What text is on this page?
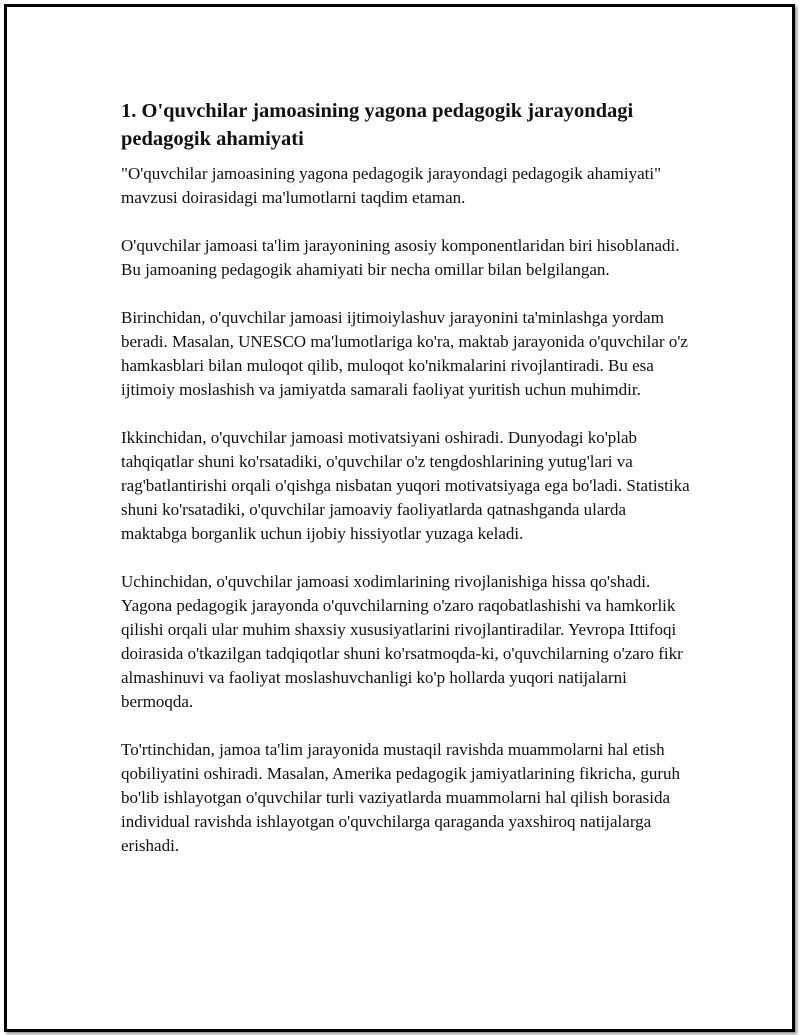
1. O'quvchilar jamoasining yagona pedagogik jarayondagi pedagogik ahamiyati

"O'quvchilar jamoasining yagona pedagogik jarayondagi pedagogik ahamiyati" mavzusi doirasidagi ma'lumotlarni taqdim etaman.

O'quvchilar jamoasi ta'lim jarayonining asosiy komponentlaridan biri hisoblanadi. Bu jamoaning pedagogik ahamiyati bir necha omillar bilan belgilangan.

Birinchidan, o'quvchilar jamoasi ijtimoiylashuv jarayonini ta'minlashga yordam beradi. Masalan, UNESCO ma'lumotlariga ko'ra, maktab jarayonida o'quvchilar o'z hamkasblari bilan muloqot qilib, muloqot ko'nikmalarini rivojlantiradi. Bu esa ijtimoiy moslashish va jamiyatda samarali faoliyat yuritish uchun muhimdir.

Ikkinchidan, o'quvchilar jamoasi motivatsiyani oshiradi. Dunyodagi ko'plab tahqiqatlar shuni ko'rsatadiki, o'quvchilar o'z tengdoshlarining yutug'lari va rag'batlantirishi orqali o'qishga nisbatan yuqori motivatsiyaga ega bo'ladi. Statistika shuni ko'rsatadiki, o'quvchilar jamoaviy faoliyatlarda qatnashganda ularda maktabga borganlik uchun ijobiy hissiyotlar yuzaga keladi.

Uchinchidan, o'quvchilar jamoasi xodimlarining rivojlanishiga hissa qo'shadi. Yagona pedagogik jarayonda o'quvchilarning o'zaro raqobatlashishi va hamkorlik qilishi orqali ular muhim shaxsiy xususiyatlarini rivojlantiradilar. Yevropa Ittifoqi doirasida o'tkazilgan tadqiqotlar shuni ko'rsatmoqda-ki, o'quvchilarning o'zaro fikr almashinuvi va faoliyat moslashuvchanligi ko'p hollarda yuqori natijalarni bermoqda.

To'rtinchidan, jamoa ta'lim jarayonida mustaqil ravishda muammolarni hal etish qobiliyatini oshiradi. Masalan, Amerika pedagogik jamiyatlarining fikricha, guruh bo'lib ishlayotgan o'quvchilar turli vaziyatlarda muammolarni hal qilish borasida individual ravishda ishlayotgan o'quvchilarga qaraganda yaxshiroq natijalarga erishadi.
